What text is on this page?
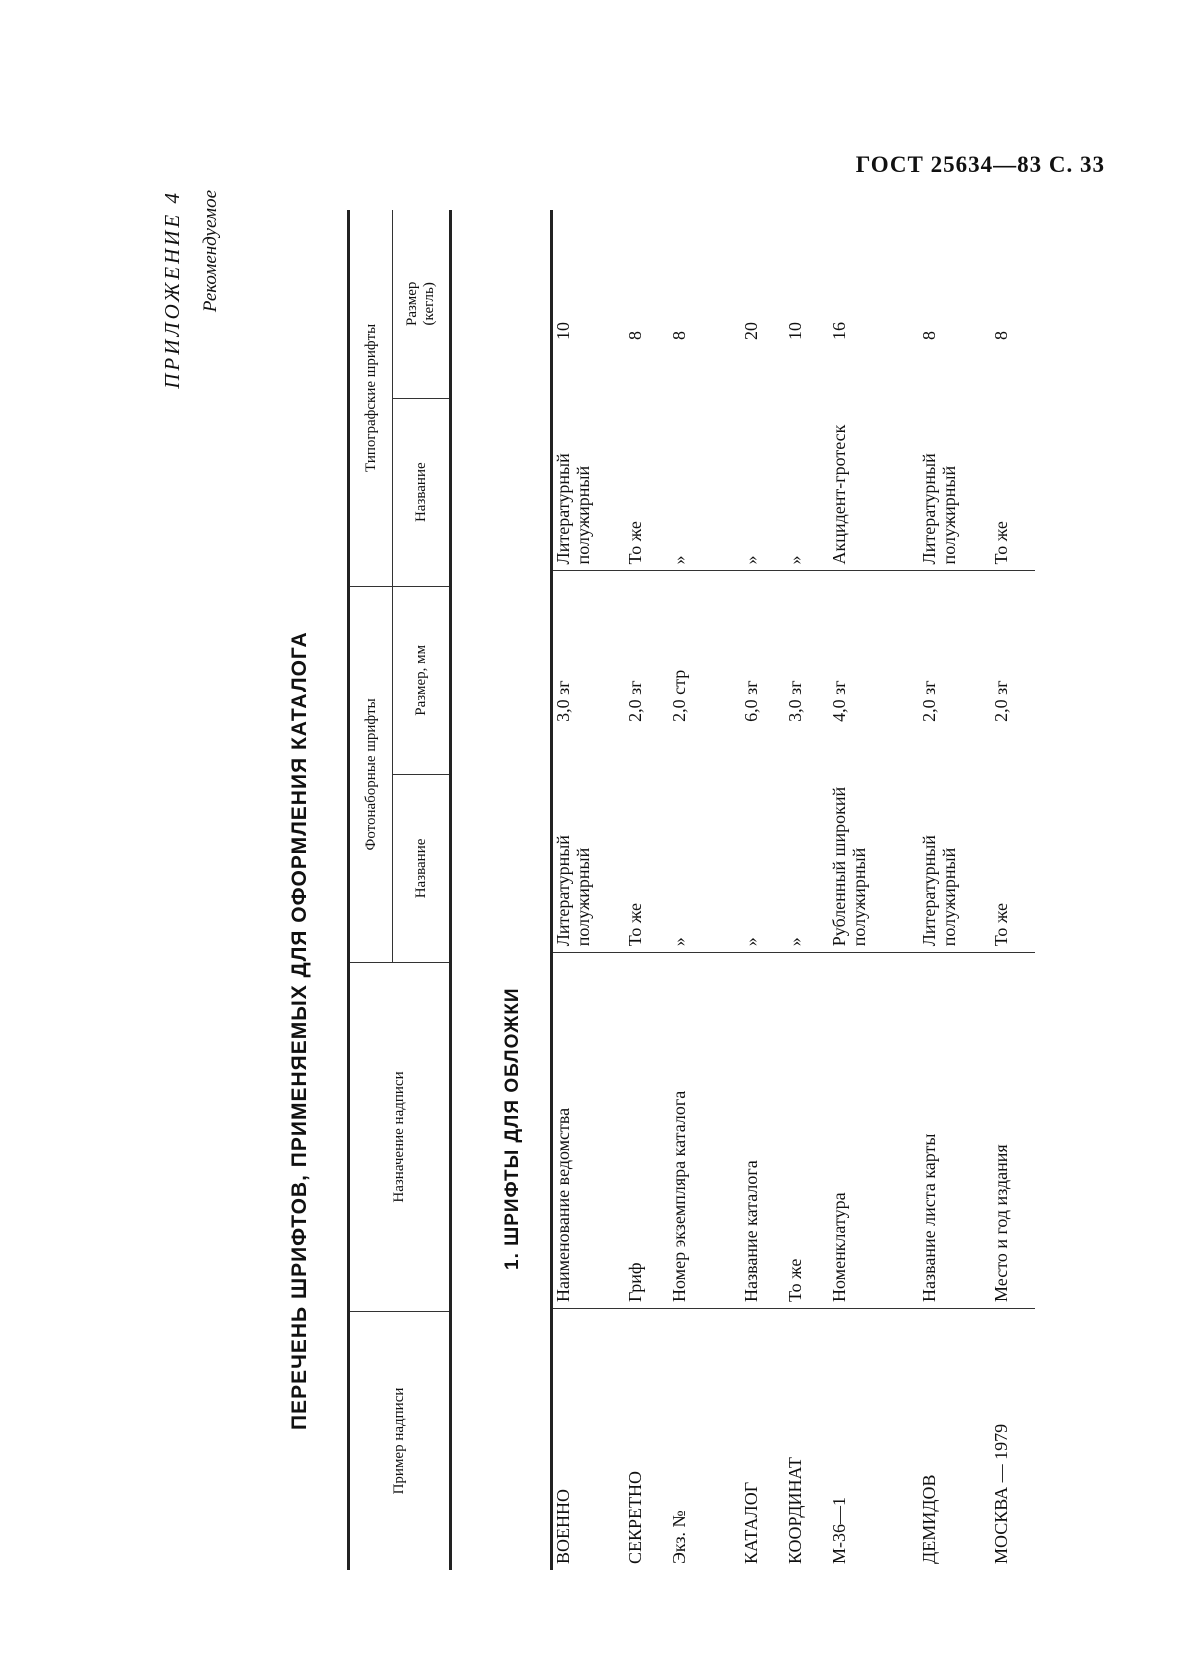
ГОСТ 25634—83 С. 33
ПРИЛОЖЕНИЕ 4 Рекомендуемое
ПЕРЕЧЕНЬ ШРИФТОВ, ПРИМЕНЯЕМЫХ ДЛЯ ОФОРМЛЕНИЯ КАТАЛОГА
Пример надписи	Назначение надписи	Фотонаборные шрифты		Типографские шрифты	
		Название	Размер, мм	Название	Размер
(кегль)
1. ШРИФТЫ ДЛЯ ОБЛОЖКИ
ВОЕННО	Наименование ведомства	Литературный полужирный	3,0 зг	Литературный полужирный	10
СЕКРЕТНО	Гриф	То же	2,0 зг	То же	8
Экз. №	Номер экземпляра каталога	»	2,0 стр	»	8
КАТАЛОГ	Название каталога	»	6,0 зг	»	20
КООРДИНАТ	То же	»	3,0 зг	»	10
М-36—1	Номенклатура	Рубленный широкий полужирный	4,0 зг	Акцидент-гротеск	16
ДЕМИДОВ	Название листа карты	Литературный полужирный	2,0 зг	Литературный полужирный	8
МОСКВА — 1979	Место и год издания	То же	2,0 зг	То же	8
